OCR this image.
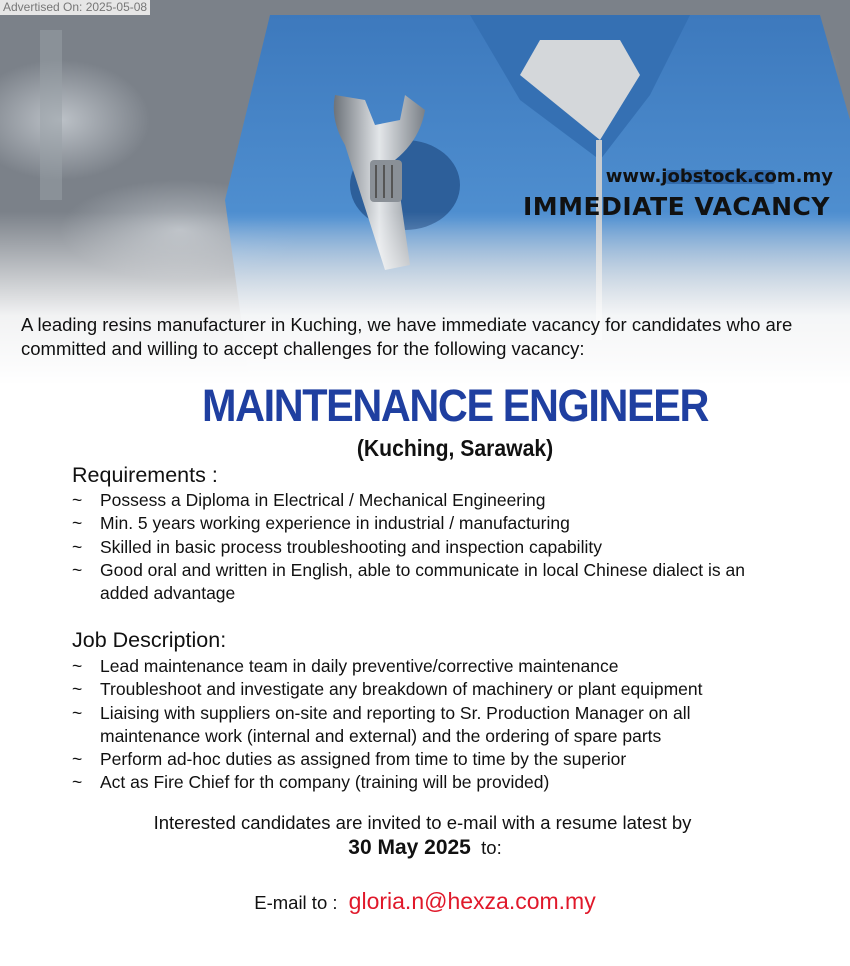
Advertised On: 2025-05-08
www.jobstock.com.my
IMMEDIATE VACANCY
A leading resins manufacturer in Kuching, we have immediate vacancy for candidates who are committed and willing to accept challenges for the following vacancy:
MAINTENANCE ENGINEER
(Kuching, Sarawak)
Requirements :
~ Possess a Diploma in Electrical / Mechanical Engineering
~ Min. 5 years working experience in industrial / manufacturing
~ Skilled in basic process troubleshooting and inspection capability
~ Good oral and written in English, able to communicate in local Chinese dialect is an added advantage
Job Description:
~ Lead maintenance team in daily preventive/corrective maintenance
~ Troubleshoot and investigate any breakdown of machinery or plant equipment
~ Liaising with suppliers on-site and reporting to Sr. Production Manager on all maintenance work (internal and external) and the ordering of spare parts
~ Perform ad-hoc duties as assigned from time to time by the superior
~ Act as Fire Chief for th company (training will be provided)
Interested candidates are invited to e-mail with a resume latest by
30 May 2025 to:
E-mail to : gloria.n@hexza.com.my
